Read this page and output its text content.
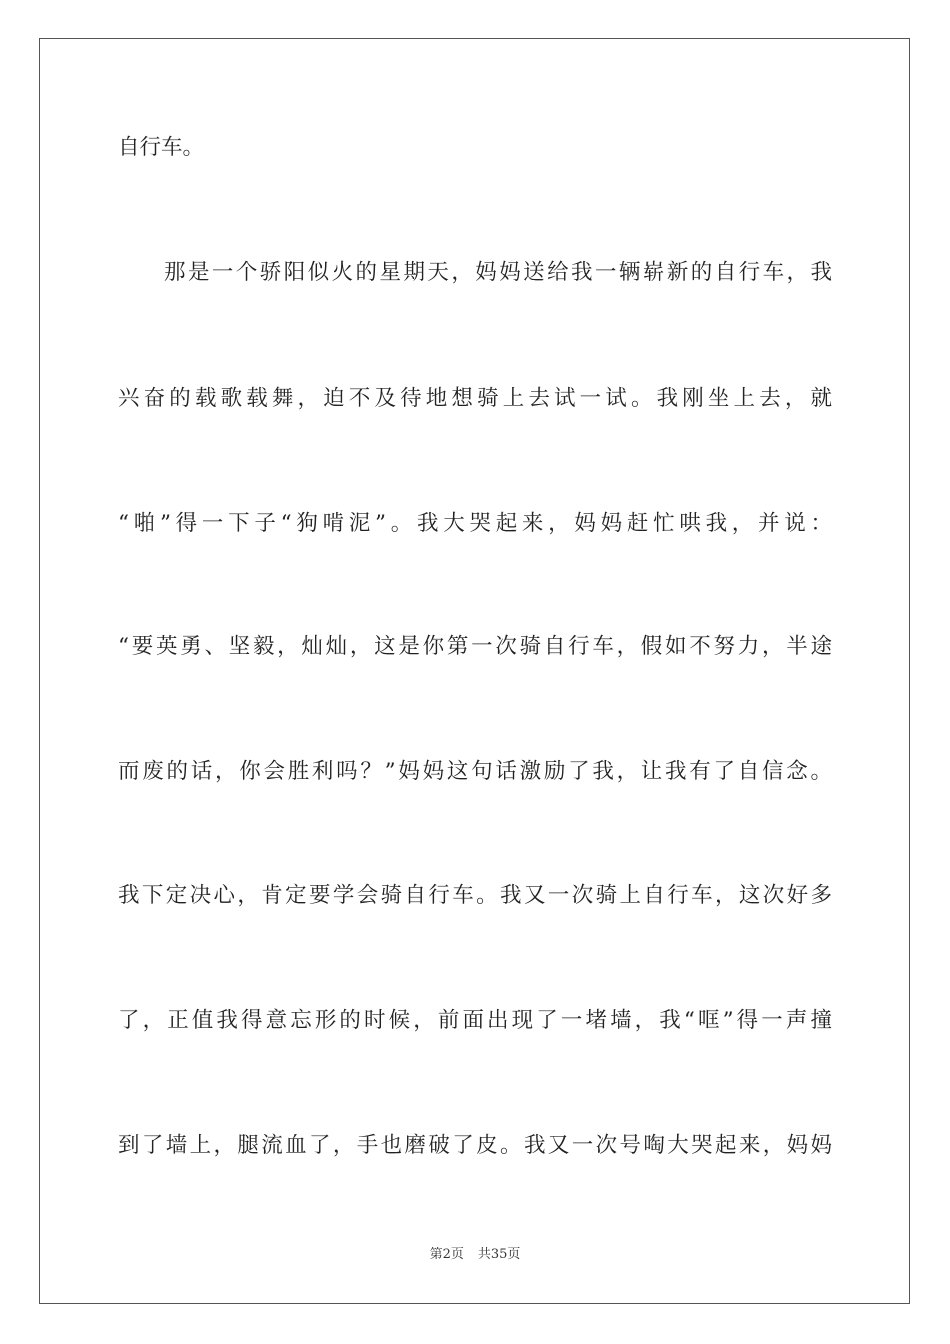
自行车。
那是一个骄阳似火的星期天，妈妈送给我一辆崭新的自行车，我
兴奋的载歌载舞，迫不及待地想骑上去试一试。我刚坐上去，就
“啪”得一下子“狗啃泥”。我大哭起来，妈妈赶忙哄我，并说：
“要英勇、坚毅，灿灿，这是你第一次骑自行车，假如不努力，半途
而废的话，你会胜利吗？”妈妈这句话激励了我，让我有了自信念。
我下定决心，肯定要学会骑自行车。我又一次骑上自行车，这次好多
了，正值我得意忘形的时候，前面出现了一堵墙，我“哐”得一声撞
到了墙上，腿流血了，手也磨破了皮。我又一次号啕大哭起来，妈妈
第2页 共35页
